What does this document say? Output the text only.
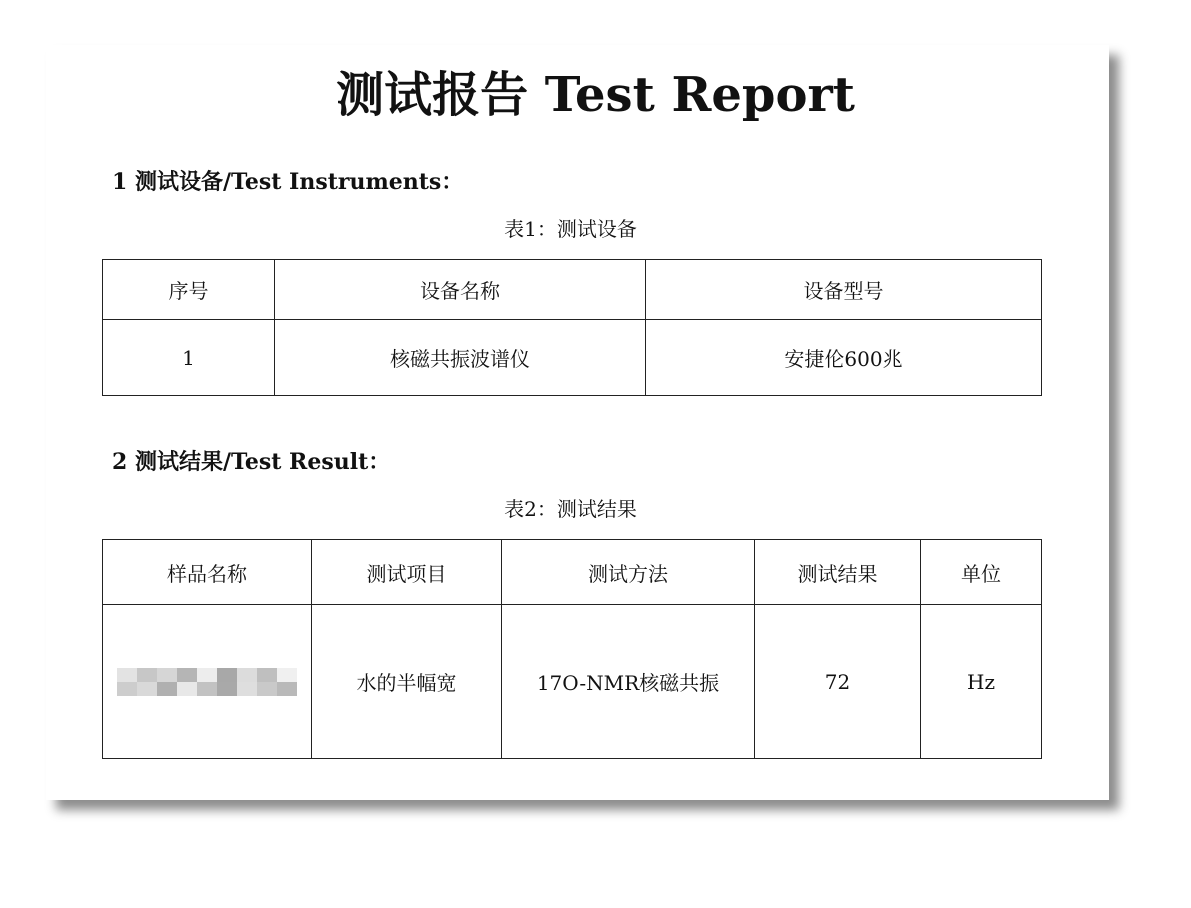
测试报告 Test Report
1 测试设备/Test Instruments：
表1：测试设备
序号	设备名称	设备型号
1	核磁共振波谱仪	安捷伦600兆
2 测试结果/Test Result：
表2：测试结果
样品名称	测试项目	测试方法	测试结果	单位

	水的半幅宽	17O-NMR核磁共振	72	Hz
